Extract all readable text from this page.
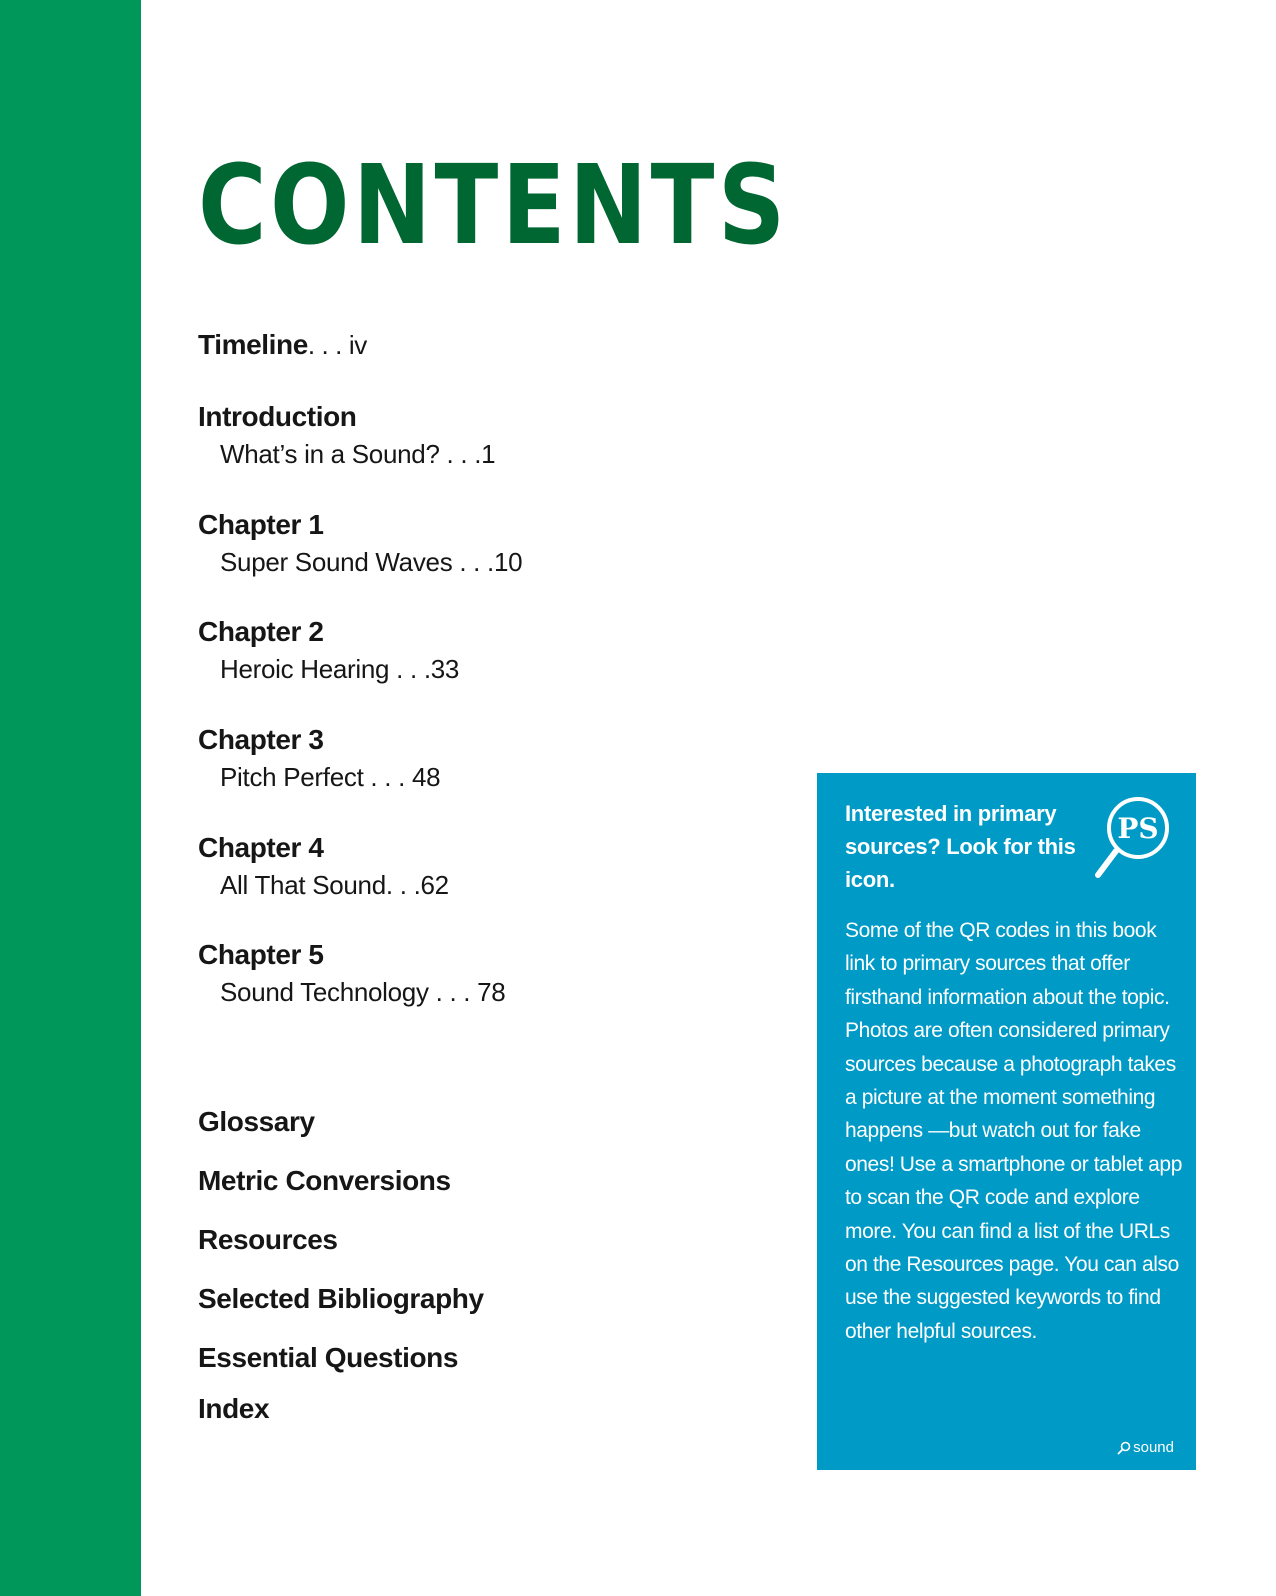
CONTENTS
Timeline. . . iv
Introduction
What’s in a Sound? . . .1
Chapter 1
Super Sound Waves . . .10
Chapter 2
Heroic Hearing . . .33
Chapter 3
Pitch Perfect . . . 48
Chapter 4
All That Sound. . .62
Chapter 5
Sound Technology . . . 78
Glossary
Metric Conversions
Resources
Selected Bibliography
Essential Questions
Index
Interested in primary sources? Look for this icon.
PS
Some of the QR codes in this book link to primary sources that offer firsthand information about the topic. Photos are often considered primary sources because a photograph takes a picture at the moment something happens —but watch out for fake ones! Use a smartphone or tablet app to scan the QR code and explore more. You can find a list of the URLs on the Resources page. You can also use the suggested keywords to find other helpful sources.
sound
